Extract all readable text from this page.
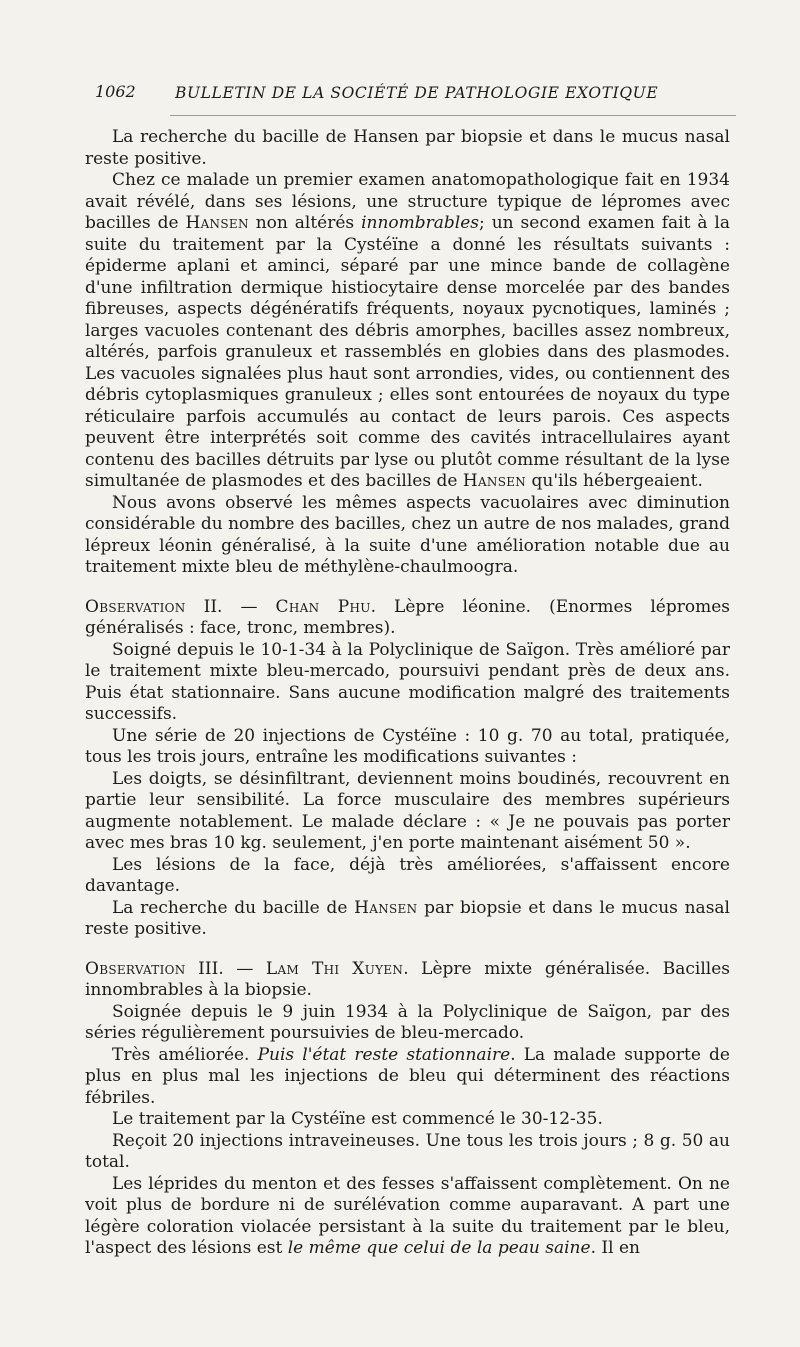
1062	BULLETIN DE LA SOCIÉTÉ DE PATHOLOGIE EXOTIQUE

La recherche du bacille de Hansen par biopsie et dans le mucus nasal reste positive.

Chez ce malade un premier examen anatomopathologique fait en 1934 avait révélé, dans ses lésions, une structure typique de lépromes avec bacilles de Hansen non altérés innombrables; un second examen fait à la suite du traitement par la Cystéïne a donné les résultats suivants : épiderme aplani et aminci, séparé par une mince bande de collagène d'une infiltration dermique histiocytaire dense morcelée par des bandes fibreuses, aspects dégénératifs fréquents, noyaux pycnotiques, laminés ; larges vacuoles contenant des débris amorphes, bacilles assez nombreux, altérés, parfois granuleux et rassemblés en globies dans des plasmodes. Les vacuoles signalées plus haut sont arrondies, vides, ou contiennent des débris cytoplasmiques granuleux ; elles sont entourées de noyaux du type réticulaire parfois accumulés au contact de leurs parois. Ces aspects peuvent être interprétés soit comme des cavités intracellulaires ayant contenu des bacilles détruits par lyse ou plutôt comme résultant de la lyse simultanée de plasmodes et des bacilles de Hansen qu'ils hébergeaient.

Nous avons observé les mêmes aspects vacuolaires avec diminution considérable du nombre des bacilles, chez un autre de nos malades, grand lépreux léonin généralisé, à la suite d'une amélioration notable due au traitement mixte bleu de méthylène-chaulmoogra.

Observation II. — Chan Phu. Lèpre léonine. (Enormes lépromes généralisés : face, tronc, membres).

Soigné depuis le 10-1-34 à la Polyclinique de Saïgon. Très amélioré par le traitement mixte bleu-mercado, poursuivi pendant près de deux ans. Puis état stationnaire. Sans aucune modification malgré des traitements successifs.

Une série de 20 injections de Cystéïne : 10 g. 70 au total, pratiquée, tous les trois jours, entraîne les modifications suivantes :

Les doigts, se désinfiltrant, deviennent moins boudinés, recouvrent en partie leur sensibilité. La force musculaire des membres supérieurs augmente notablement. Le malade déclare : « Je ne pouvais pas porter avec mes bras 10 kg. seulement, j'en porte maintenant aisément 50 ».

Les lésions de la face, déjà très améliorées, s'affaissent encore davantage.

La recherche du bacille de Hansen par biopsie et dans le mucus nasal reste positive.

Observation III. — Lam Thi Xuyen. Lèpre mixte généralisée. Bacilles innombrables à la biopsie.

Soignée depuis le 9 juin 1934 à la Polyclinique de Saïgon, par des séries régulièrement poursuivies de bleu-mercado.

Très améliorée. Puis l'état reste stationnaire. La malade supporte de plus en plus mal les injections de bleu qui déterminent des réactions fébriles.

Le traitement par la Cystéïne est commencé le 30-12-35.

Reçoit 20 injections intraveineuses. Une tous les trois jours ; 8 g. 50 au total.

Les léprides du menton et des fesses s'affaissent complètement. On ne voit plus de bordure ni de surélévation comme auparavant. A part une légère coloration violacée persistant à la suite du traitement par le bleu, l'aspect des lésions est le même que celui de la peau saine. Il en
